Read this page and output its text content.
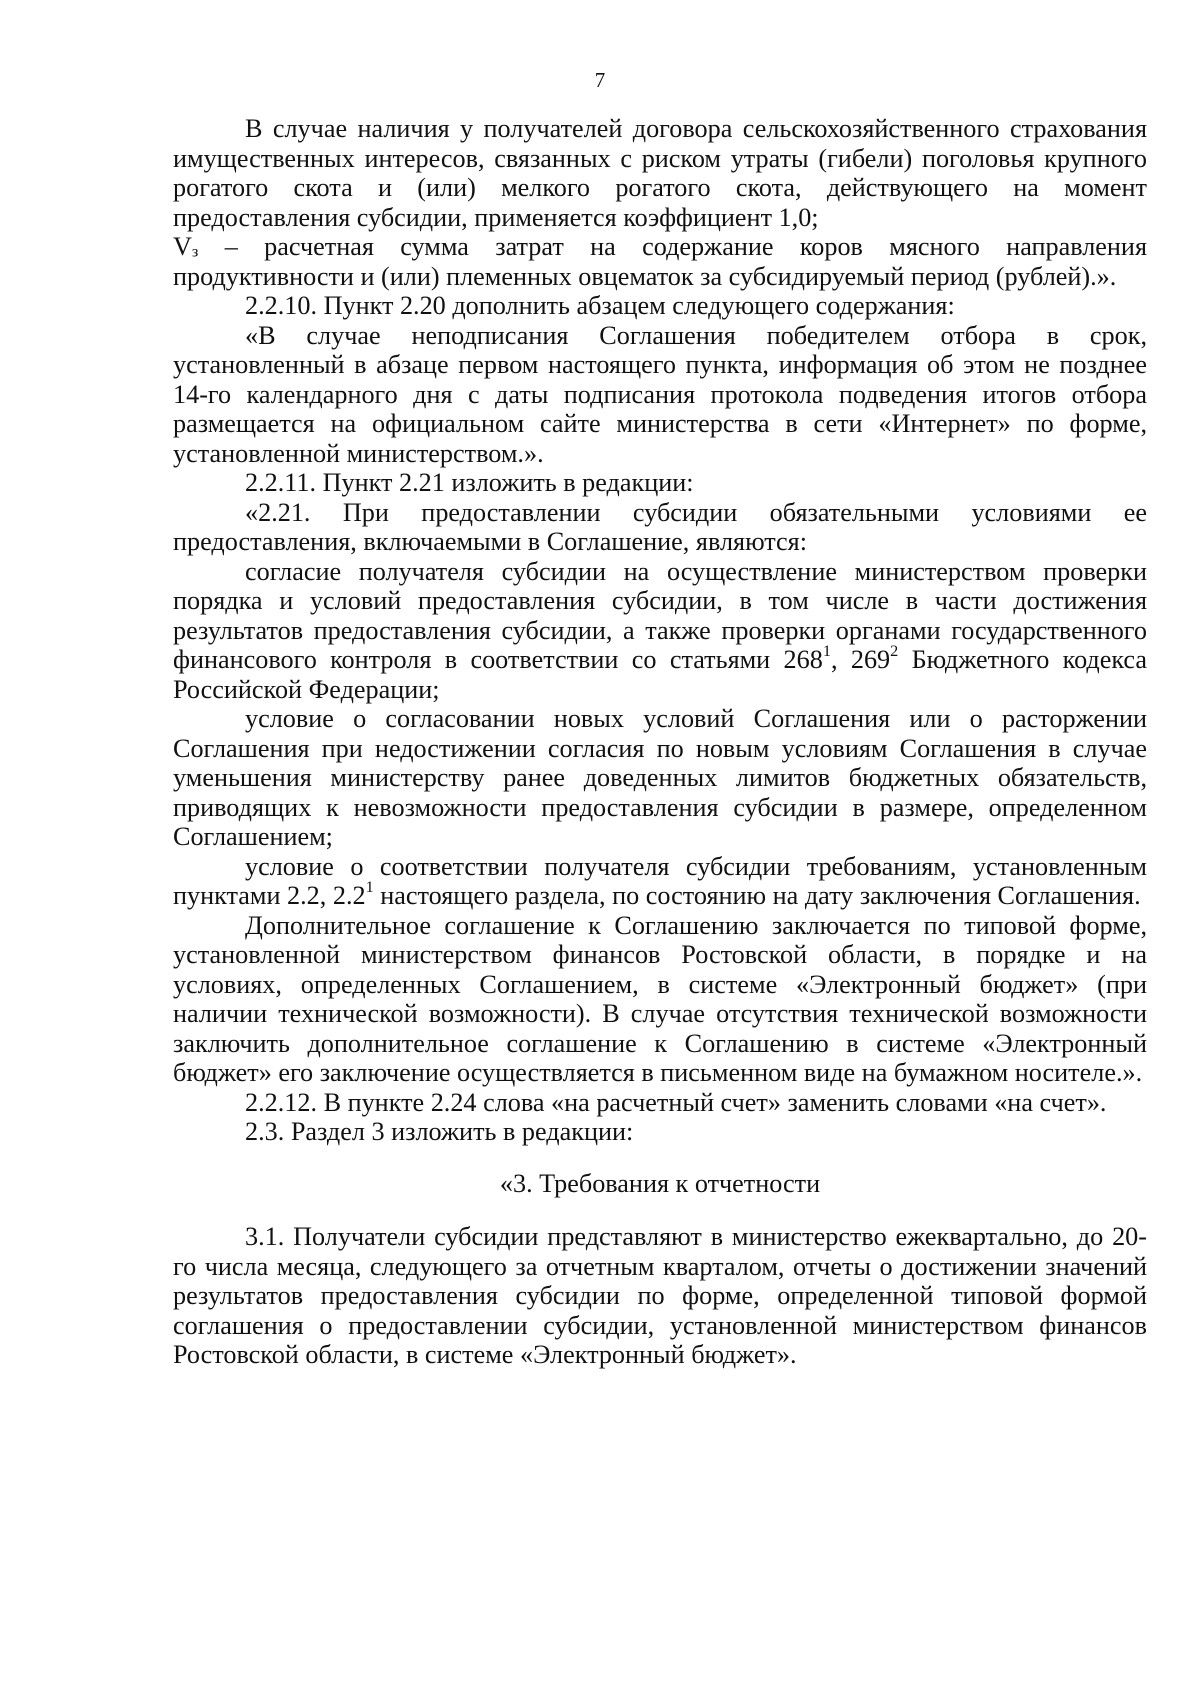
7

В случае наличия у получателей договора сельскохозяйственного страхования имущественных интересов, связанных с риском утраты (гибели) поголовья крупного рогатого скота и (или) мелкого рогатого скота, действующего на момент предоставления субсидии, применяется коэффициент 1,0;

$V_з$ – расчетная сумма затрат на содержание коров мясного направления продуктивности и (или) племенных овцематок за субсидируемый период (рублей).».

2.2.10. Пункт 2.20 дополнить абзацем следующего содержания:

«В случае неподписания Соглашения победителем отбора в срок, установленный в абзаце первом настоящего пункта, информация об этом не позднее 14-го календарного дня с даты подписания протокола подведения итогов отбора размещается на официальном сайте министерства в сети «Интернет» по форме, установленной министерством.».

2.2.11. Пункт 2.21 изложить в редакции:

«2.21. При предоставлении субсидии обязательными условиями ее предоставления, включаемыми в Соглашение, являются:

согласие получателя субсидии на осуществление министерством проверки порядка и условий предоставления субсидии, в том числе в части достижения результатов предоставления субсидии, а также проверки органами государственного финансового контроля в соответствии со статьями $268^1$, $269^2$ Бюджетного кодекса Российской Федерации;

условие о согласовании новых условий Соглашения или о расторжении Соглашения при недостижении согласия по новым условиям Соглашения в случае уменьшения министерству ранее доведенных лимитов бюджетных обязательств, приводящих к невозможности предоставления субсидии в размере, определенном Соглашением;

условие о соответствии получателя субсидии требованиям, установленным пунктами 2.2, $2.2^1$ настоящего раздела, по состоянию на дату заключения Соглашения.

Дополнительное соглашение к Соглашению заключается по типовой форме, установленной министерством финансов Ростовской области, в порядке и на условиях, определенных Соглашением, в системе «Электронный бюджет» (при наличии технической возможности). В случае отсутствия технической возможности заключить дополнительное соглашение к Соглашению в системе «Электронный бюджет» его заключение осуществляется в письменном виде на бумажном носителе.».

2.2.12. В пункте 2.24 слова «на расчетный счет» заменить словами «на счет».

2.3. Раздел 3 изложить в редакции:

«3. Требования к отчетности

3.1. Получатели субсидии представляют в министерство ежеквартально, до 20-го числа месяца, следующего за отчетным кварталом, отчеты о достижении значений результатов предоставления субсидии по форме, определенной типовой формой соглашения о предоставлении субсидии, установленной министерством финансов Ростовской области, в системе «Электронный бюджет».
